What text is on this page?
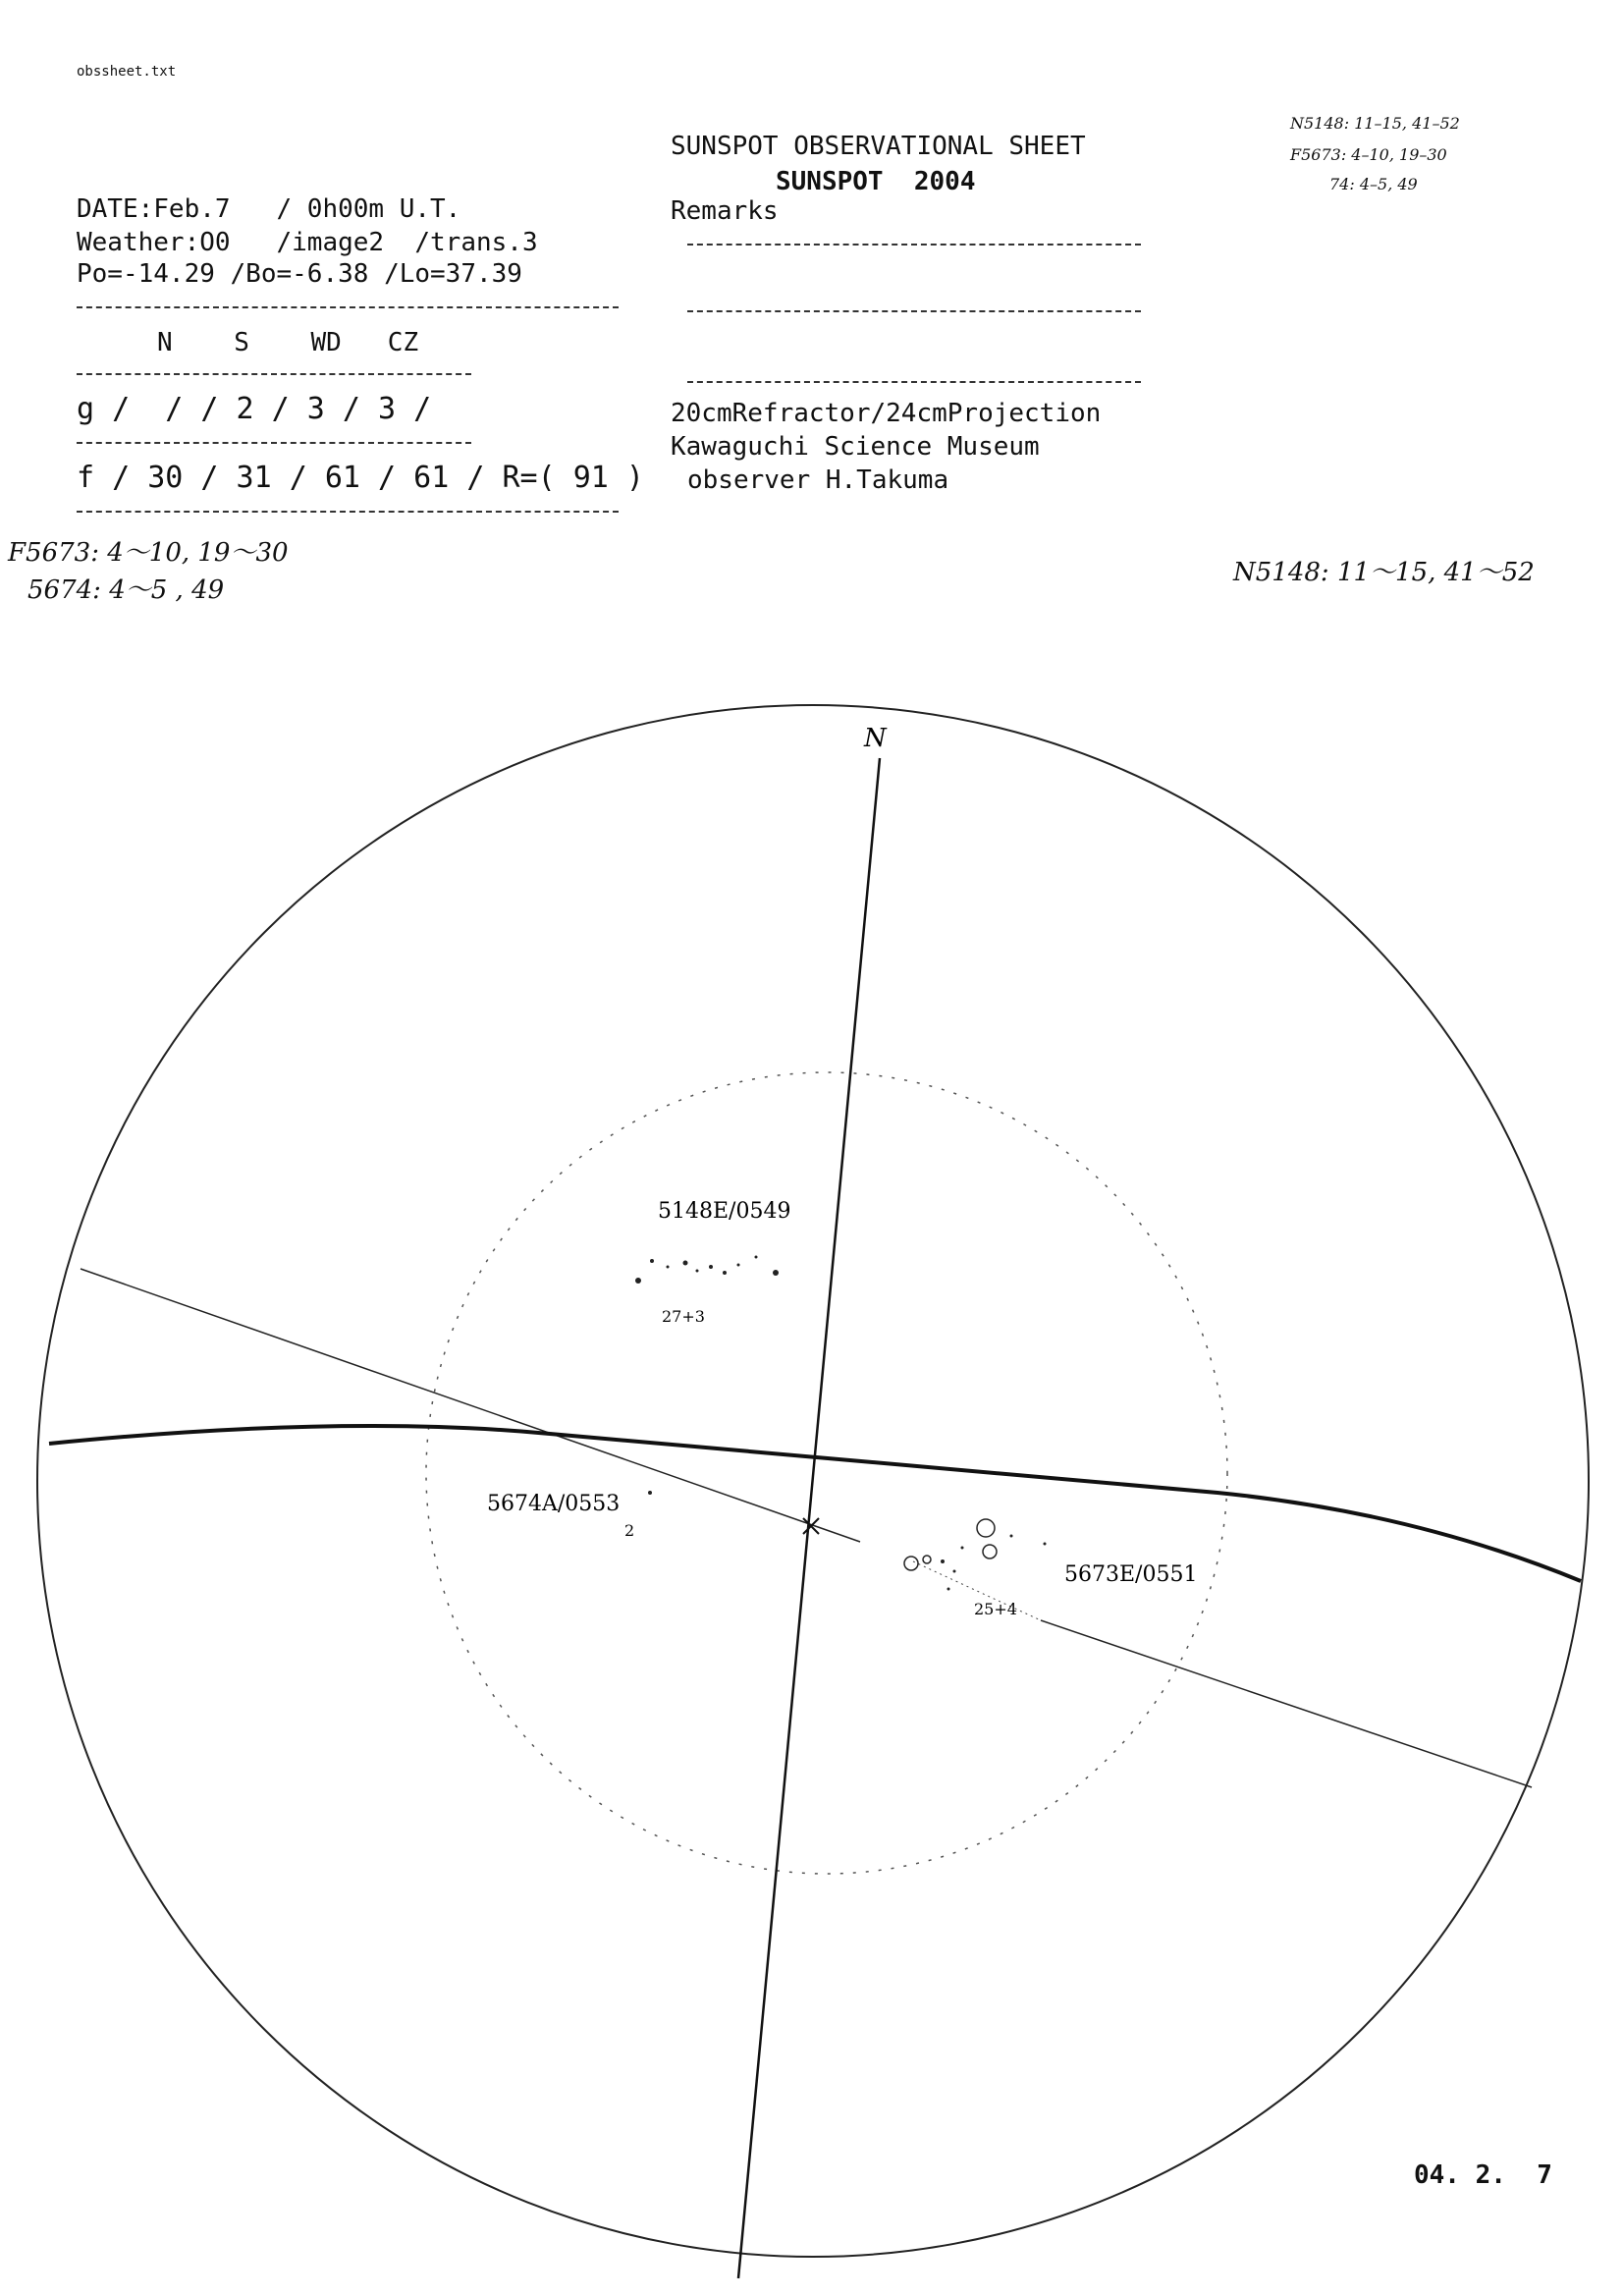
obssheet.txt
SUNSPOT OBSERVATIONAL SHEET
SUNSPOT  2004
DATE:Feb.7   / 0h00m U.T.
Weather:O0   /image2  /trans.3
Po=-14.29 /Bo=-6.38 /Lo=37.39
N    S    WD   CZ
g /  / / 2 / 3 / 3 /
f / 30 / 31 / 61 / 61 / R=( 91 )
Remarks
20cmRefractor/24cmProjection
Kawaguchi Science Museum
observer H.Takuma
N5148: 11–15, 41–52
F5673: 4–10, 19–30
74: 4–5, 49
F5673: 4～10, 19～30
5674: 4～5 , 49
N5148: 11～15, 41～52
N
5148E/0549
27+3
5674A/0553
2
5673E/0551
25+4
04. 2.  7
